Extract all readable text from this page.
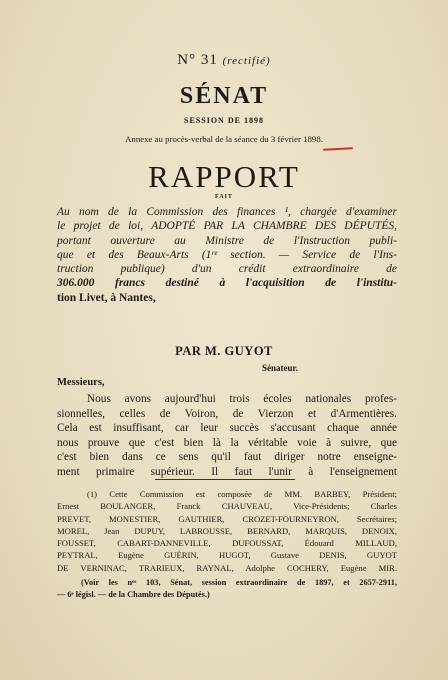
N° 31 (rectifié)
SÉNAT
SESSION DE 1898
Annexe au procès-verbal de la séance du 3 février 1898.
RAPPORT
FAIT
Au nom de la Commission des finances ¹, chargée d'examiner
le projet de loi, ADOPTÉ PAR LA CHAMBRE DES DÉPUTÉS,
portant ouverture au Ministre de l'Instruction publi-
que et des Beaux-Arts (1ʳᵉ section. — Service de l'Ins-
truction publique) d'un crédit extraordinaire de
306.000 francs destiné à l'acquisition de l'institu-
tion Livet, à Nantes,
PAR M. GUYOT
Sénateur.
Messieurs,
Nous avons aujourd'hui trois écoles nationales profes-
sionnelles, celles de Voiron, de Vierzon et d'Armentières.
Cela est insuffisant, car leur succès s'accusant chaque année
nous prouve que c'est bien là la véritable voie à suivre, que
c'est bien dans ce sens qu'il faut diriger notre enseigne-
ment primaire supérieur. Il faut l'unir à l'enseignement
(1) Cette Commission est composée de MM. BARBEY, Président;
Ernest BOULANGER, Franck CHAUVEAU, Vice-Présidents; Charles
PREVET, MONESTIER, GAUTHIER, CROZET-FOURNEYRON, Secrétaires;
MOREL, Jean DUPUY, LABROUSSE, BERNARD, MARQUIS, DENOIX,
FOUSSET, CABART-DANNEVILLE, DUFOUSSAT, Édouard MILLAUD,
PEYTRAL, Eugène GUÉRIN, HUGOT, Gustave DENIS, GUYOT
DE VERNINAC, TRARIEUX, RAYNAL, Adolphe COCHERY, Eugène MIR.
(Voir les nᵒˢ 103, Sénat, session extraordinaire de 1897, et 2657-2911,
— 6ᵉ législ. — de la Chambre des Députés.)
